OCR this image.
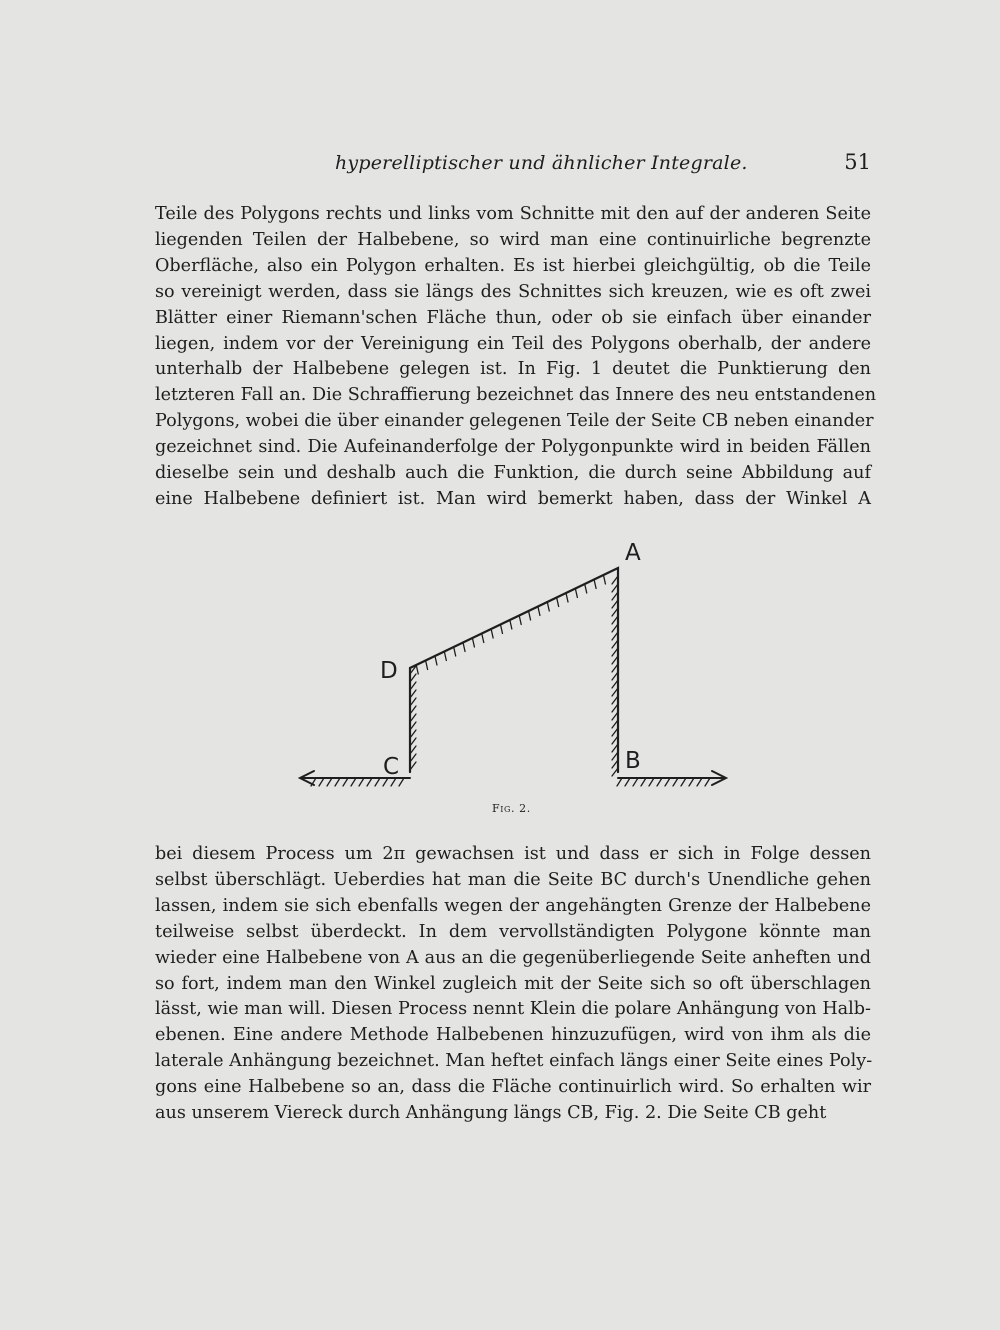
hyperelliptischer und ähnlicher Integrale.	51
Teile des Polygons rechts und links vom Schnitte mit den auf der anderen Seite
liegenden Teilen der Halbebene, so wird man eine continuirliche begrenzte
Oberfläche, also ein Polygon erhalten. Es ist hierbei gleichgültig, ob die Teile
so vereinigt werden, dass sie längs des Schnittes sich kreuzen, wie es oft zwei
Blätter einer Riemann'schen Fläche thun, oder ob sie einfach über einander
liegen, indem vor der Vereinigung ein Teil des Polygons oberhalb, der andere
unterhalb der Halbebene gelegen ist. In Fig. 1 deutet die Punktierung den
letzteren Fall an. Die Schraffierung bezeichnet das Innere des neu entstandenen
Polygons, wobei die über einander gelegenen Teile der Seite CB neben einander
gezeichnet sind. Die Aufeinanderfolge der Polygonpunkte wird in beiden Fällen
dieselbe sein und deshalb auch die Funktion, die durch seine Abbildung auf
eine Halbebene definiert ist. Man wird bemerkt haben, dass der Winkel A
A
B
C
D
Fig. 2.
bei diesem Process um 2π gewachsen ist und dass er sich in Folge dessen
selbst überschlägt. Ueberdies hat man die Seite BC durch's Unendliche gehen
lassen, indem sie sich ebenfalls wegen der angehängten Grenze der Halbebene
teilweise selbst überdeckt. In dem vervollständigten Polygone könnte man
wieder eine Halbebene von A aus an die gegenüberliegende Seite anheften und
so fort, indem man den Winkel zugleich mit der Seite sich so oft überschlagen
lässt, wie man will. Diesen Process nennt Klein die polare Anhängung von Halb-
ebenen. Eine andere Methode Halbebenen hinzuzufügen, wird von ihm als die
laterale Anhängung bezeichnet. Man heftet einfach längs einer Seite eines Poly-
gons eine Halbebene so an, dass die Fläche continuirlich wird. So erhalten wir
aus unserem Viereck durch Anhängung längs CB, Fig. 2. Die Seite CB geht
